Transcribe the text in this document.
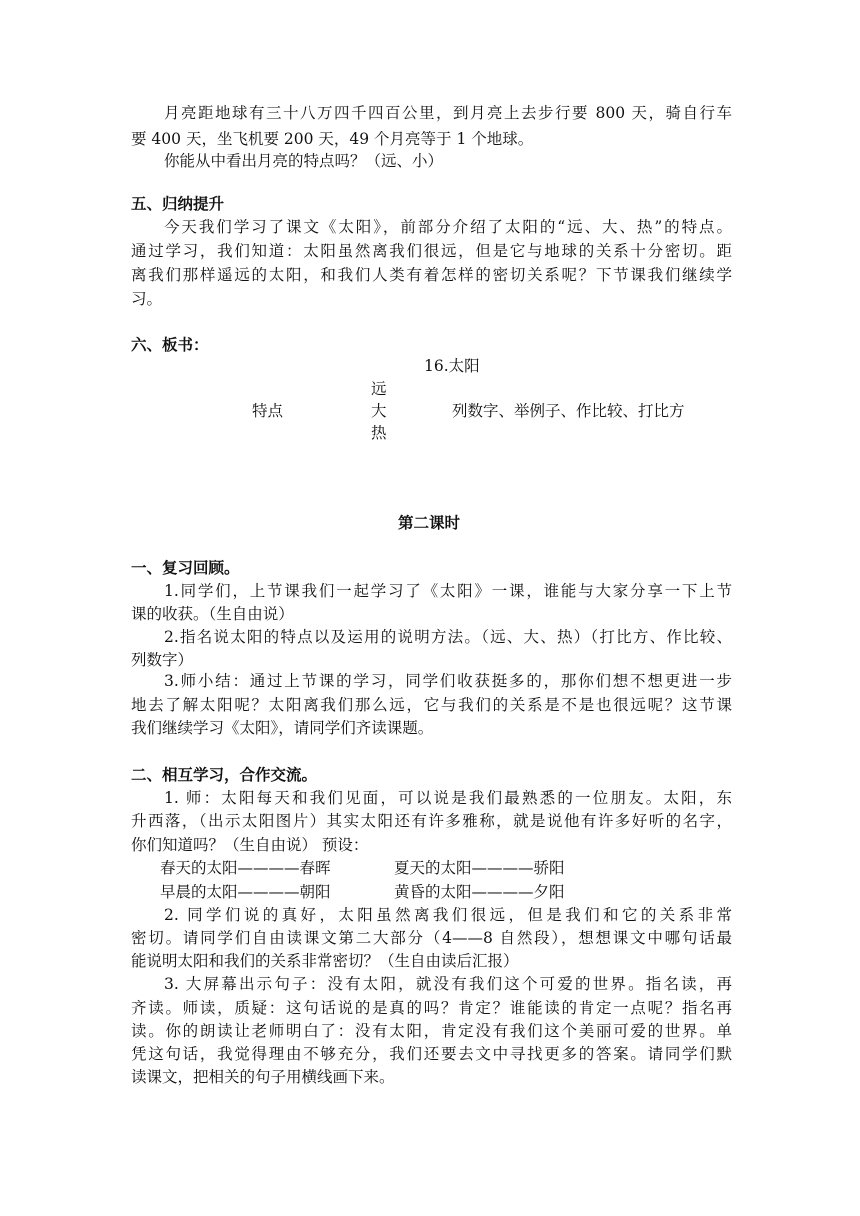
月亮距地球有三十八万四千四百公里，到月亮上去步行要 800 天，骑自行车
要 400 天，坐飞机要 200 天，49 个月亮等于 1 个地球。
你能从中看出月亮的特点吗？（远、小）
五、归纳提升
今天我们学习了课文《太阳》，前部分介绍了太阳的“远、大、热”的特点。
通过学习，我们知道：太阳虽然离我们很远，但是它与地球的关系十分密切。距
离我们那样遥远的太阳，和我们人类有着怎样的密切关系呢？下节课我们继续学
习。
六、板书：
16.太阳
远
特点	大	列数字、举例子、作比较、打比方
热
第二课时
一、复习回顾。
1.同学们，上节课我们一起学习了《太阳》一课，谁能与大家分享一下上节
课的收获。（生自由说）
2.指名说太阳的特点以及运用的说明方法。（远、大、热）（打比方、作比较、
列数字）
3.师小结：通过上节课的学习，同学们收获挺多的，那你们想不想更进一步
地去了解太阳呢？太阳离我们那么远，它与我们的关系是不是也很远呢？这节课
我们继续学习《太阳》，请同学们齐读课题。
二、相互学习，合作交流。
1. 师：太阳每天和我们见面，可以说是我们最熟悉的一位朋友。太阳，东
升西落，（出示太阳图片）其实太阳还有许多雅称，就是说他有许多好听的名字，
你们知道吗？（生自由说） 预设：
春天的太阳————春晖	夏天的太阳————骄阳
早晨的太阳————朝阳	黄昏的太阳————夕阳
2. 同学们说的真好，太阳虽然离我们很远，但是我们和它的关系非常
密切。请同学们自由读课文第二大部分（4——8 自然段），想想课文中哪句话最
能说明太阳和我们的关系非常密切？（生自由读后汇报）
3. 大屏幕出示句子：没有太阳，就没有我们这个可爱的世界。指名读，再
齐读。师读，质疑：这句话说的是真的吗？肯定？谁能读的肯定一点呢？指名再
读。你的朗读让老师明白了：没有太阳，肯定没有我们这个美丽可爱的世界。单
凭这句话，我觉得理由不够充分，我们还要去文中寻找更多的答案。请同学们默
读课文，把相关的句子用横线画下来。
